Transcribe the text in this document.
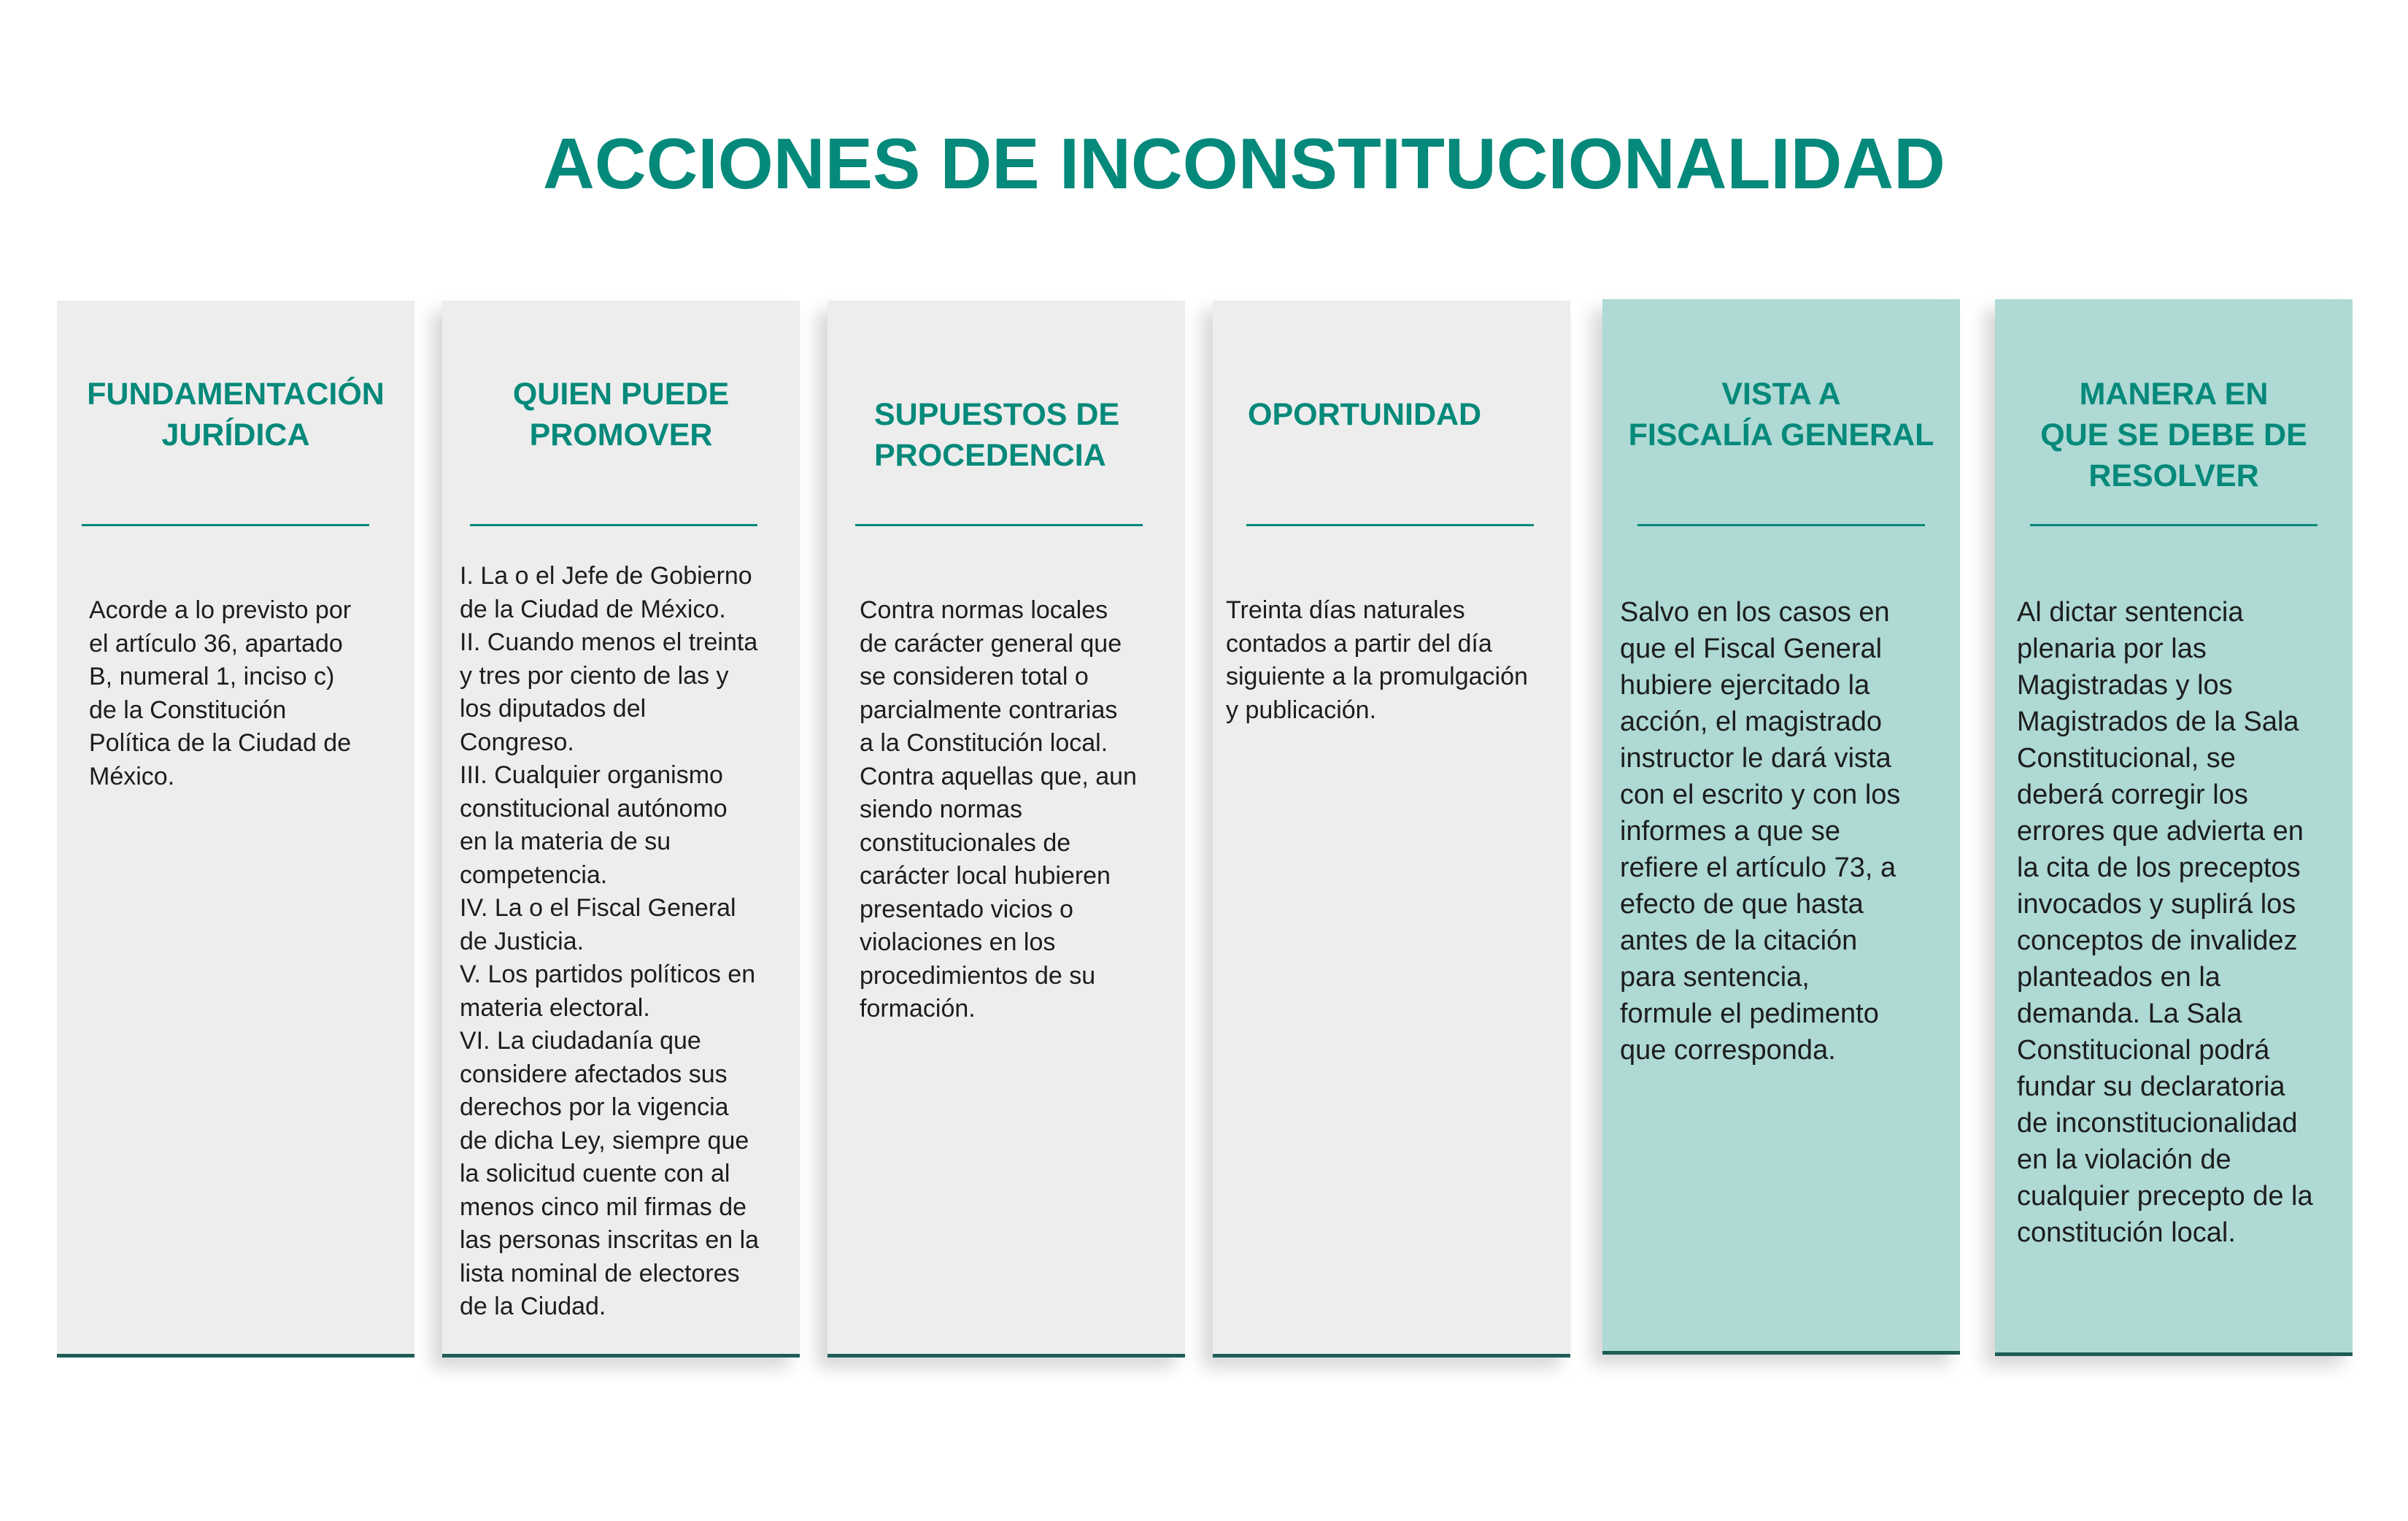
ACCIONES DE INCONSTITUCIONALIDAD
FUNDAMENTACIÓN
JURÍDICA
Acorde a lo previsto por
el artículo 36, apartado
B, numeral 1, inciso c)
de la Constitución
Política de la Ciudad de
México.
QUIEN PUEDE
PROMOVER
I. La o el Jefe de Gobierno
de la Ciudad de México.
II. Cuando menos el treinta
y tres por ciento de las y
los diputados del
Congreso.
III. Cualquier organismo
constitucional autónomo
en la materia de su
competencia.
IV. La o el Fiscal General
de Justicia.
V. Los partidos políticos en
materia electoral.
VI. La ciudadanía que
considere afectados sus
derechos por la vigencia
de dicha Ley, siempre que
la solicitud cuente con al
menos cinco mil firmas de
las personas inscritas en la
lista nominal de electores
de la Ciudad.
SUPUESTOS DE
PROCEDENCIA
Contra normas locales
de carácter general que
se consideren total o
parcialmente contrarias
a la Constitución local.
Contra aquellas que, aun
siendo normas
constitucionales de
carácter local hubieren
presentado vicios o
violaciones en los
procedimientos de su
formación.
OPORTUNIDAD
Treinta días naturales
contados a partir del día
siguiente a la promulgación
y publicación.
VISTA A
FISCALÍA GENERAL
Salvo en los casos en
que el Fiscal General
hubiere ejercitado la
acción, el magistrado
instructor le dará vista
con el escrito y con los
informes a que se
refiere el artículo 73, a
efecto de que hasta
antes de la citación
para sentencia,
formule el pedimento
que corresponda.
MANERA EN
QUE SE DEBE DE
RESOLVER
Al dictar sentencia
plenaria por las
Magistradas y los
Magistrados de la Sala
Constitucional, se
deberá corregir los
errores que advierta en
la cita de los preceptos
invocados y suplirá los
conceptos de invalidez
planteados en la
demanda. La Sala
Constitucional podrá
fundar su declaratoria
de inconstitucionalidad
en la violación de
cualquier precepto de la
constitución local.
